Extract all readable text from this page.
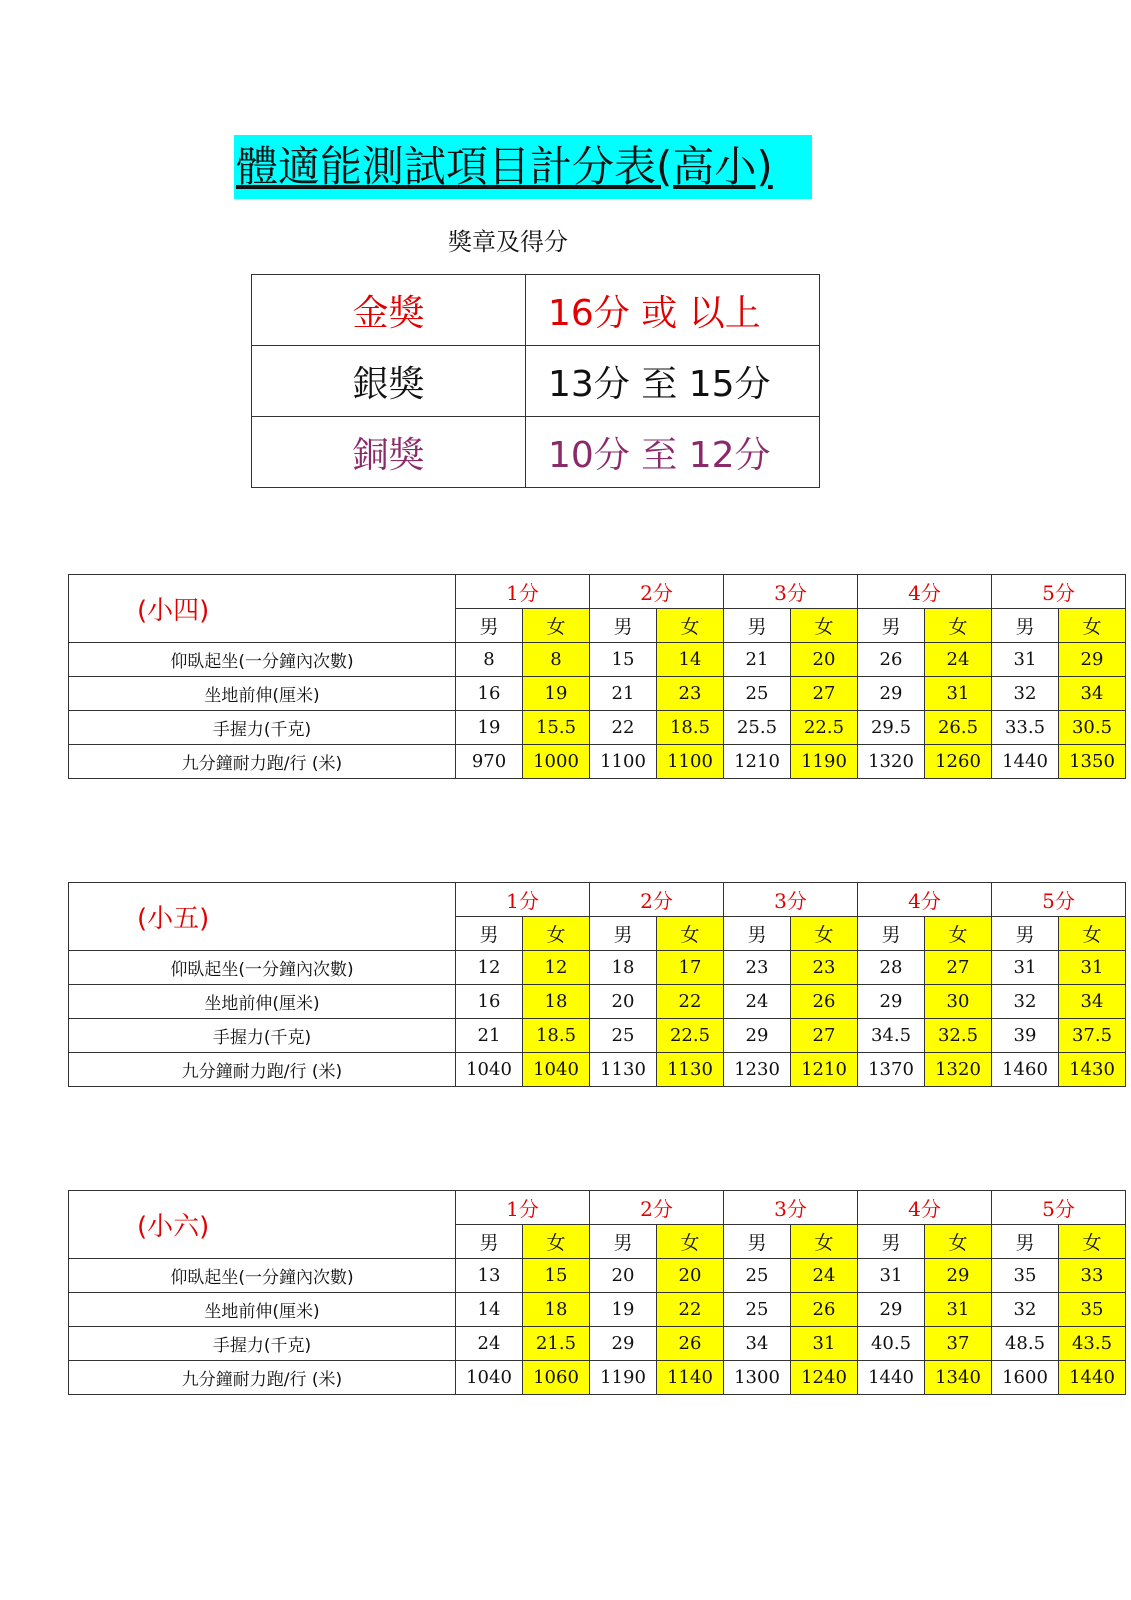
體適能測試項目計分表(高小)
獎章及得分
金獎	16分 或 以上
銀獎	13分 至 15分
銅獎	10分 至 12分
(小四)	1分		2分		3分		4分		5分	
	男	女	男	女	男	女	男	女	男	女
仰臥起坐(一分鐘內次數)	8	8	15	14	21	20	26	24	31	29
坐地前伸(厘米)	16	19	21	23	25	27	29	31	32	34
手握力(千克)	19	15.5	22	18.5	25.5	22.5	29.5	26.5	33.5	30.5
九分鐘耐力跑/行 (米)	970	1000	1100	1100	1210	1190	1320	1260	1440	1350
(小五)	1分		2分		3分		4分		5分	
	男	女	男	女	男	女	男	女	男	女
仰臥起坐(一分鐘內次數)	12	12	18	17	23	23	28	27	31	31
坐地前伸(厘米)	16	18	20	22	24	26	29	30	32	34
手握力(千克)	21	18.5	25	22.5	29	27	34.5	32.5	39	37.5
九分鐘耐力跑/行 (米)	1040	1040	1130	1130	1230	1210	1370	1320	1460	1430
(小六)	1分		2分		3分		4分		5分	
	男	女	男	女	男	女	男	女	男	女
仰臥起坐(一分鐘內次數)	13	15	20	20	25	24	31	29	35	33
坐地前伸(厘米)	14	18	19	22	25	26	29	31	32	35
手握力(千克)	24	21.5	29	26	34	31	40.5	37	48.5	43.5
九分鐘耐力跑/行 (米)	1040	1060	1190	1140	1300	1240	1440	1340	1600	1440
